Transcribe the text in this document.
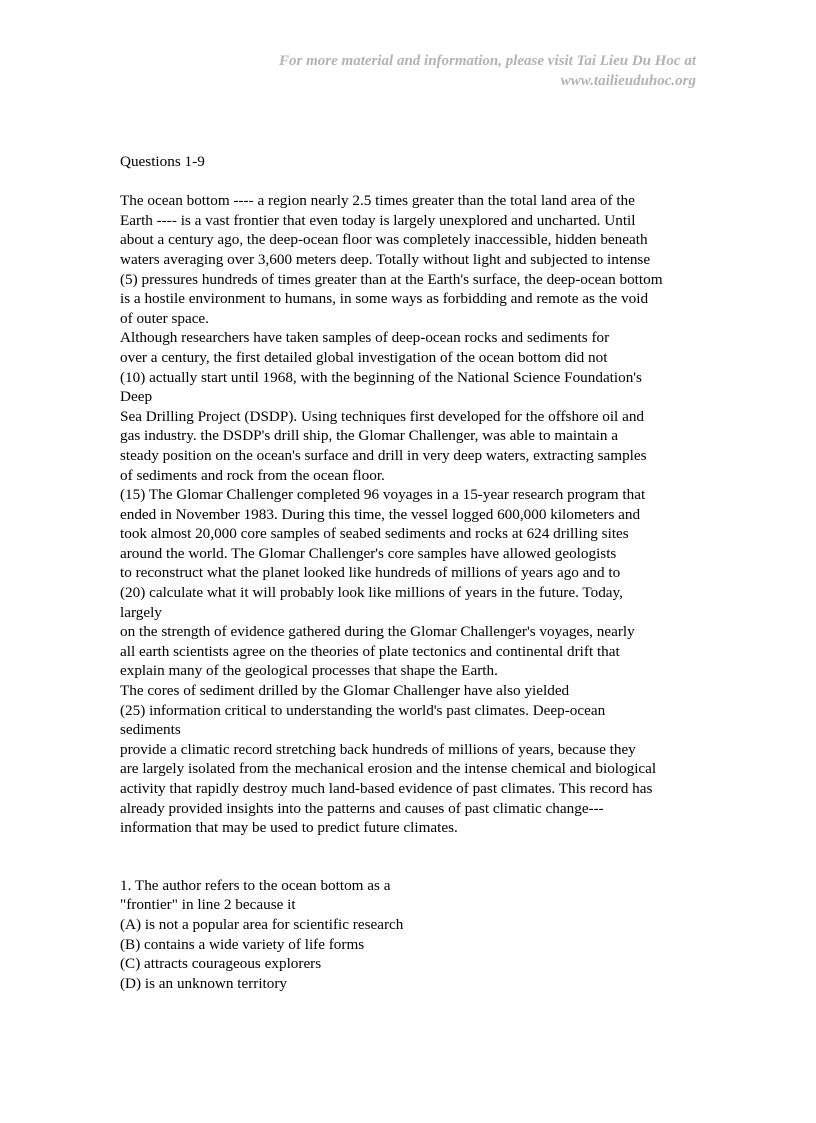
For more material and information, please visit Tai Lieu Du Hoc at
www.tailieuduhoc.org
Questions 1-9
The ocean bottom ---- a region nearly 2.5 times greater than the total land area of the
Earth ---- is a vast frontier that even today is largely unexplored and uncharted. Until
about a century ago, the deep-ocean floor was completely inaccessible, hidden beneath
waters averaging over 3,600 meters deep. Totally without light and subjected to intense
(5) pressures hundreds of times greater than at the Earth's surface, the deep-ocean bottom
is a hostile environment to humans, in some ways as forbidding and remote as the void
of outer space.
Although researchers have taken samples of deep-ocean rocks and sediments for
over a century, the first detailed global investigation of the ocean bottom did not
(10) actually start until 1968, with the beginning of the National Science Foundation's
Deep
Sea Drilling Project (DSDP). Using techniques first developed for the offshore oil and
gas industry. the DSDP's drill ship, the Glomar Challenger, was able to maintain a
steady position on the ocean's surface and drill in very deep waters, extracting samples
of sediments and rock from the ocean floor.
(15) The Glomar Challenger completed 96 voyages in a 15-year research program that
ended in November 1983. During this time, the vessel logged 600,000 kilometers and
took almost 20,000 core samples of seabed sediments and rocks at 624 drilling sites
around the world. The Glomar Challenger's core samples have allowed geologists
to reconstruct what the planet looked like hundreds of millions of years ago and to
(20) calculate what it will probably look like millions of years in the future. Today,
largely
on the strength of evidence gathered during the Glomar Challenger's voyages, nearly
all earth scientists agree on the theories of plate tectonics and continental drift that
explain many of the geological processes that shape the Earth.
The cores of sediment drilled by the Glomar Challenger have also yielded
(25) information critical to understanding the world's past climates. Deep-ocean
sediments
provide a climatic record stretching back hundreds of millions of years, because they
are largely isolated from the mechanical erosion and the intense chemical and biological
activity that rapidly destroy much land-based evidence of past climates. This record has
already provided insights into the patterns and causes of past climatic change---
information that may be used to predict future climates.
1. The author refers to the ocean bottom as a
"frontier" in line 2 because it
(A) is not a popular area for scientific research
(B) contains a wide variety of life forms
(C) attracts courageous explorers
(D) is an unknown territory
